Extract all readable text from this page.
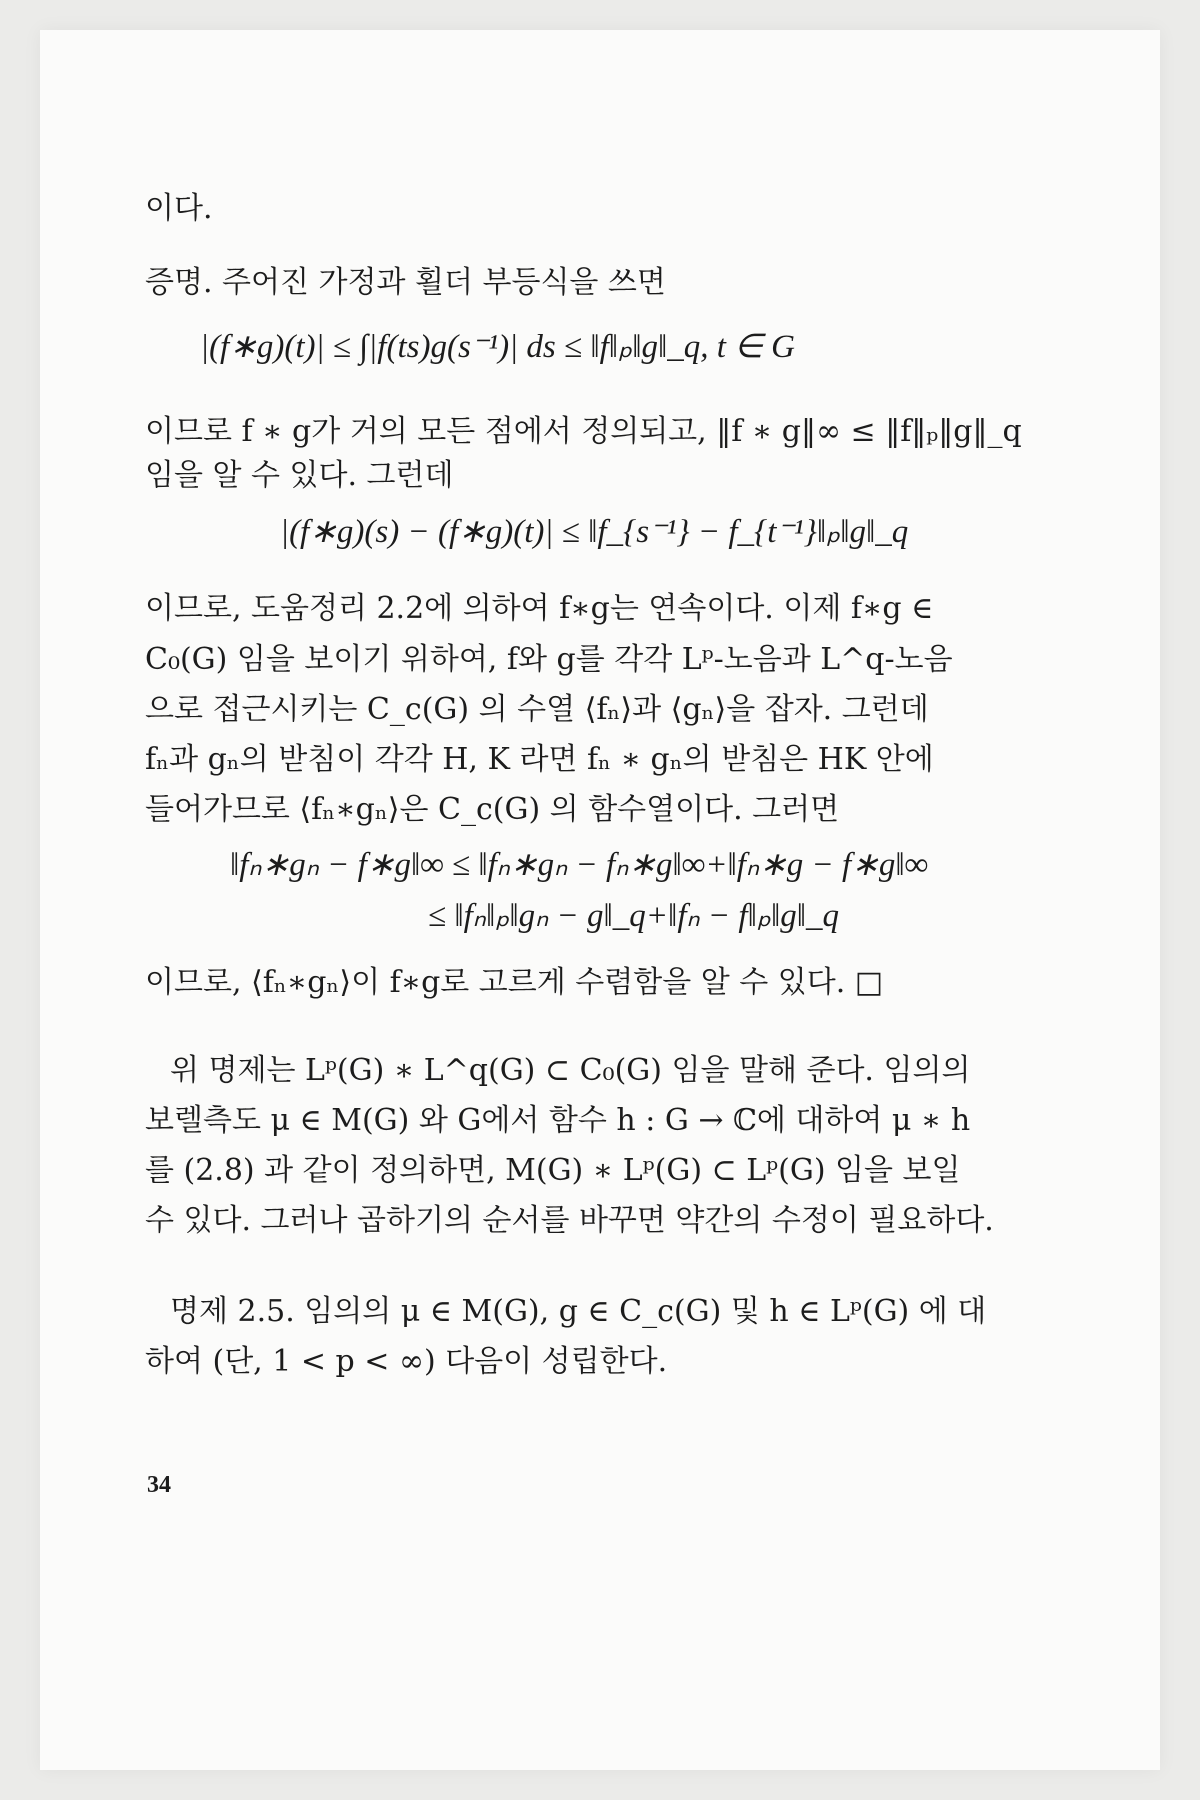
이다.
증명. 주어진 가정과 횔더 부등식을 쓰면
|(f∗g)(t)| ≤ ∫|f(ts)g(s⁻¹)| ds ≤ ‖f‖ₚ‖g‖_q, t ∈ G
이므로 f ∗ g가 거의 모든 점에서 정의되고, ‖f ∗ g‖∞ ≤ ‖f‖ₚ‖g‖_q
임을 알 수 있다. 그런데
|(f∗g)(s) − (f∗g)(t)| ≤ ‖f_{s⁻¹} − f_{t⁻¹}‖ₚ‖g‖_q
이므로, 도움정리 2.2에 의하여 f∗g는 연속이다. 이제 f∗g ∈
C₀(G) 임을 보이기 위하여, f와 g를 각각 Lᵖ-노음과 L^q-노음
으로 접근시키는 C_c(G) 의 수열 ⟨fₙ⟩과 ⟨gₙ⟩을 잡자. 그런데
fₙ과 gₙ의 받침이 각각 H, K 라면 fₙ ∗ gₙ의 받침은 HK 안에
들어가므로 ⟨fₙ∗gₙ⟩은 C_c(G) 의 함수열이다. 그러면
‖fₙ∗gₙ − f∗g‖∞ ≤ ‖fₙ∗gₙ − fₙ∗g‖∞+‖fₙ∗g − f∗g‖∞
≤ ‖fₙ‖ₚ‖gₙ − g‖_q+‖fₙ − f‖ₚ‖g‖_q
이므로, ⟨fₙ∗gₙ⟩이 f∗g로 고르게 수렴함을 알 수 있다. □
위 명제는 Lᵖ(G) ∗ L^q(G) ⊂ C₀(G) 임을 말해 준다. 임의의
보렐측도 μ ∈ M(G) 와 G에서 함수 h : G → ℂ에 대하여 μ ∗ h
를 (2.8) 과 같이 정의하면, M(G) ∗ Lᵖ(G) ⊂ Lᵖ(G) 임을 보일
수 있다. 그러나 곱하기의 순서를 바꾸면 약간의 수정이 필요하다.
명제 2.5. 임의의 μ ∈ M(G), g ∈ C_c(G) 및 h ∈ Lᵖ(G) 에 대
하여 (단, 1 < p < ∞) 다음이 성립한다.
34
